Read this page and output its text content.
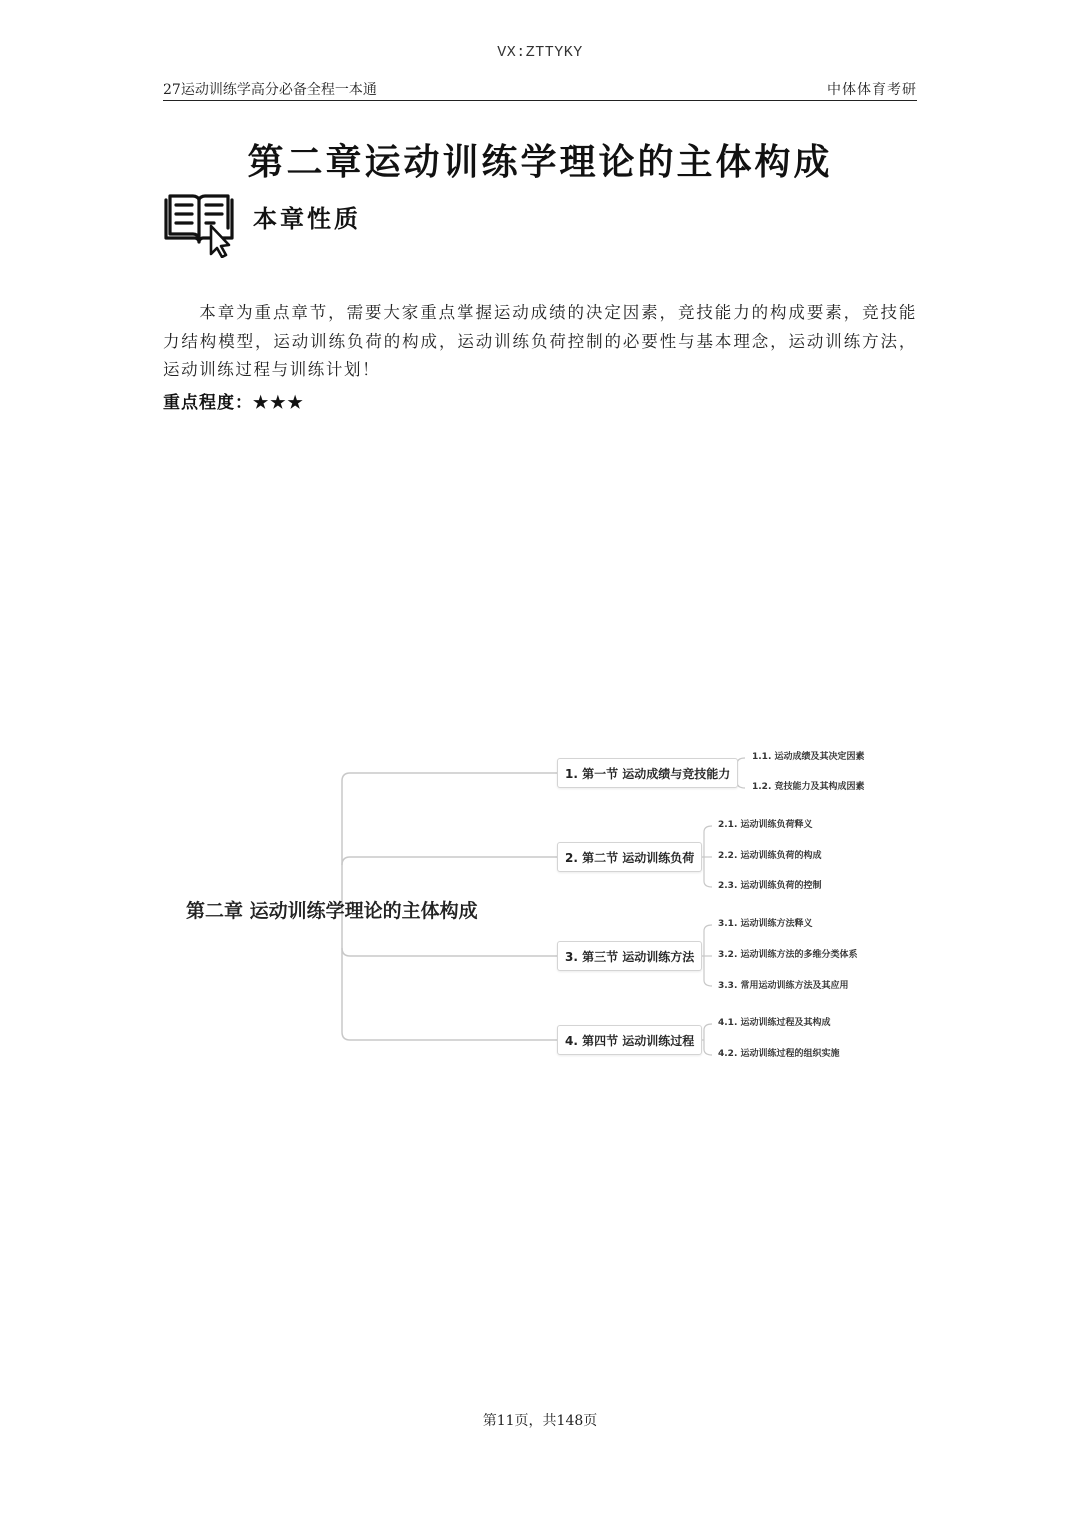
VX:ZTTYKY
27运动训练学高分必备全程一本通	中体体育考研
第二章运动训练学理论的主体构成
本章性质

本章为重点章节，需要大家重点掌握运动成绩的决定因素，竞技能力的构成要素，竞技能力结构模型，运动训练负荷的构成，运动训练负荷控制的必要性与基本理念，运动训练方法，运动训练过程与训练计划！

重点程度：★★★
第二章 运动训练学理论的主体构成
1. 第一节 运动成绩与竞技能力
2. 第二节 运动训练负荷
3. 第三节 运动训练方法
4. 第四节 运动训练过程
1.1. 运动成绩及其决定因素
1.2. 竞技能力及其构成因素
2.1. 运动训练负荷释义
2.2. 运动训练负荷的构成
2.3. 运动训练负荷的控制
3.1. 运动训练方法释义
3.2. 运动训练方法的多维分类体系
3.3. 常用运动训练方法及其应用
4.1. 运动训练过程及其构成
4.2. 运动训练过程的组织实施
第11页，共148页
